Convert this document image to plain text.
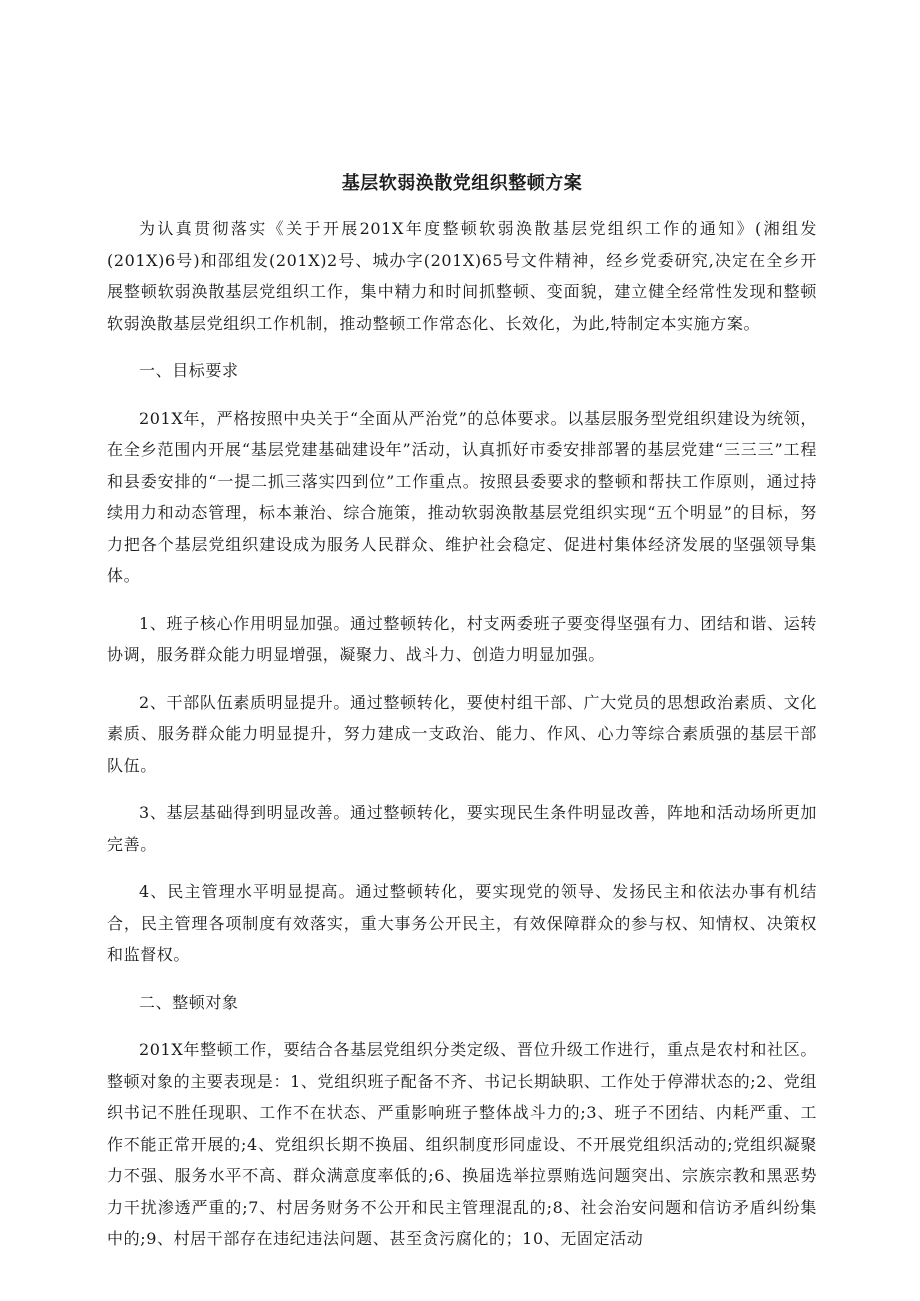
基层软弱涣散党组织整顿方案

为认真贯彻落实《关于开展201X年度整顿软弱涣散基层党组织工作的通知》(湘组发(201X)6号)和邵组发(201X)2号、城办字(201X)65号文件精神，经乡党委研究,决定在全乡开展整顿软弱涣散基层党组织工作，集中精力和时间抓整顿、变面貌，建立健全经常性发现和整顿软弱涣散基层党组织工作机制，推动整顿工作常态化、长效化，为此,特制定本实施方案。

一、目标要求

201X年，严格按照中央关于“全面从严治党”的总体要求。以基层服务型党组织建设为统领，在全乡范围内开展“基层党建基础建设年”活动，认真抓好市委安排部署的基层党建“三三三”工程和县委安排的“一提二抓三落实四到位”工作重点。按照县委要求的整顿和帮扶工作原则，通过持续用力和动态管理，标本兼治、综合施策，推动软弱涣散基层党组织实现“五个明显”的目标，努力把各个基层党组织建设成为服务人民群众、维护社会稳定、促进村集体经济发展的坚强领导集体。

1、班子核心作用明显加强。通过整顿转化，村支两委班子要变得坚强有力、团结和谐、运转协调，服务群众能力明显增强，凝聚力、战斗力、创造力明显加强。

2、干部队伍素质明显提升。通过整顿转化，要使村组干部、广大党员的思想政治素质、文化素质、服务群众能力明显提升，努力建成一支政治、能力、作风、心力等综合素质强的基层干部队伍。

3、基层基础得到明显改善。通过整顿转化，要实现民生条件明显改善，阵地和活动场所更加完善。

4、民主管理水平明显提高。通过整顿转化，要实现党的领导、发扬民主和依法办事有机结合，民主管理各项制度有效落实，重大事务公开民主，有效保障群众的参与权、知情权、决策权和监督权。

二、整顿对象

201X年整顿工作，要结合各基层党组织分类定级、晋位升级工作进行，重点是农村和社区。整顿对象的主要表现是：1、党组织班子配备不齐、书记长期缺职、工作处于停滞状态的;2、党组织书记不胜任现职、工作不在状态、严重影响班子整体战斗力的;3、班子不团结、内耗严重、工作不能正常开展的;4、党组织长期不换届、组织制度形同虚设、不开展党组织活动的;党组织凝聚力不强、服务水平不高、群众满意度率低的;6、换届选举拉票贿选问题突出、宗族宗教和黑恶势力干扰渗透严重的;7、村居务财务不公开和民主管理混乱的;8、社会治安问题和信访矛盾纠纷集中的;9、村居干部存在违纪违法问题、甚至贪污腐化的；10、无固定活动
